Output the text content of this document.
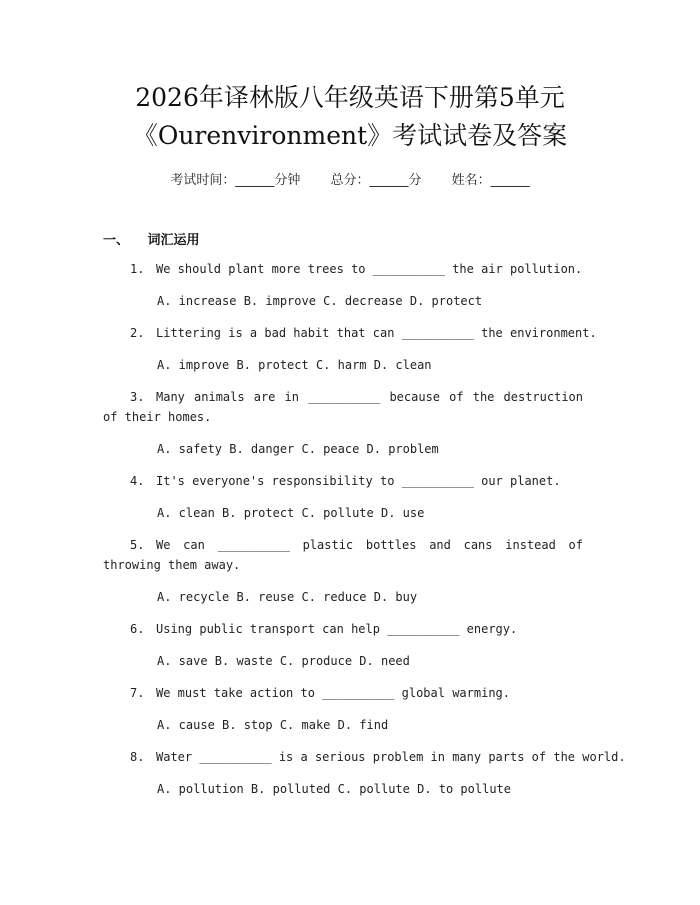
2026年译林版八年级英语下册第5单元
《Ourenvironment》考试试卷及答案
考试时间：______分钟 总分：______分 姓名：______
一、 词汇运用
1. We should plant more trees to __________ the air pollution.
A. increase B. improve C. decrease D. protect
2. Littering is a bad habit that can __________ the environment.
A. improve B. protect C. harm D. clean
3. Many animals are in __________ because of the destruction of their homes.
A. safety B. danger C. peace D. problem
4. It's everyone's responsibility to __________ our planet.
A. clean B. protect C. pollute D. use
5. We can __________ plastic bottles and cans instead of throwing them away.
A. recycle B. reuse C. reduce D. buy
6. Using public transport can help __________ energy.
A. save B. waste C. produce D. need
7. We must take action to __________ global warming.
A. cause B. stop C. make D. find
8. Water __________ is a serious problem in many parts of the world.
A. pollution B. polluted C. pollute D. to pollute
